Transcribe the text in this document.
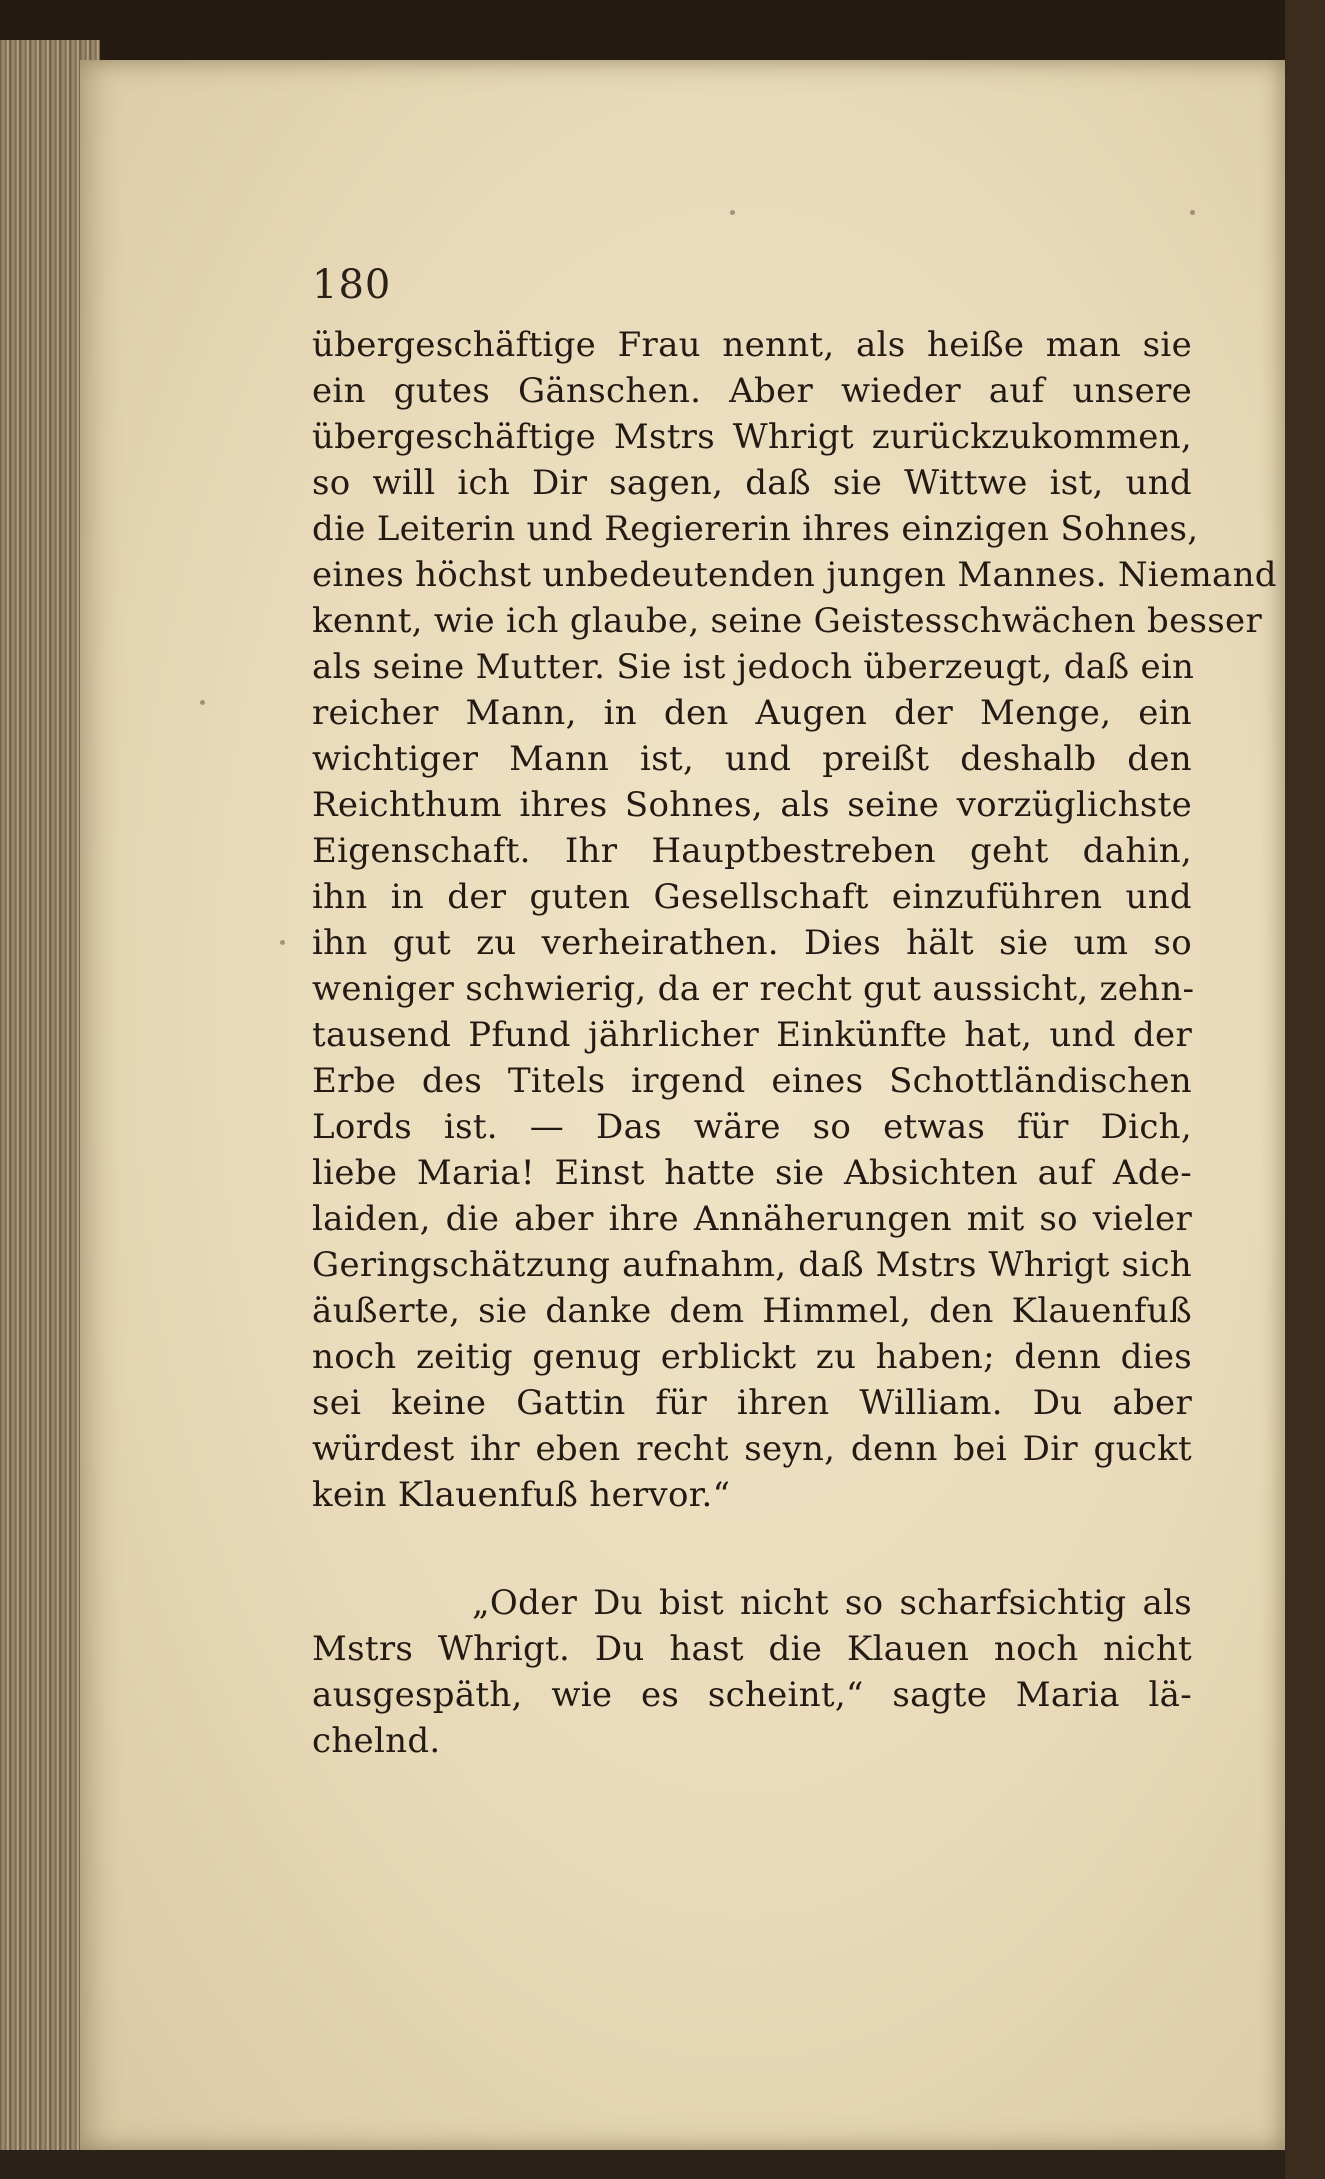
180
übergeschäftige Frau nennt, als heiße man sie
ein gutes Gänschen. Aber wieder auf unsere
übergeschäftige Mstrs Whrigt zurückzukommen,
so will ich Dir sagen, daß sie Wittwe ist, und
die Leiterin und Regiererin ihres einzigen Sohnes,
eines höchst unbedeutenden jungen Mannes. Niemand
kennt, wie ich glaube, seine Geistesschwächen besser
als seine Mutter. Sie ist jedoch überzeugt, daß ein
reicher Mann, in den Augen der Menge, ein
wichtiger Mann ist, und preißt deshalb den
Reichthum ihres Sohnes, als seine vorzüglichste
Eigenschaft. Ihr Hauptbestreben geht dahin,
ihn in der guten Gesellschaft einzuführen und
ihn gut zu verheirathen. Dies hält sie um so
weniger schwierig, da er recht gut aussicht, zehn-
tausend Pfund jährlicher Einkünfte hat, und der
Erbe des Titels irgend eines Schottländischen
Lords ist. — Das wäre so etwas für Dich,
liebe Maria! Einst hatte sie Absichten auf Ade-
laiden, die aber ihre Annäherungen mit so vieler
Geringschätzung aufnahm, daß Mstrs Whrigt sich
äußerte, sie danke dem Himmel, den Klauenfuß
noch zeitig genug erblickt zu haben; denn dies
sei keine Gattin für ihren William. Du aber
würdest ihr eben recht seyn, denn bei Dir guckt
kein Klauenfuß hervor.“
„Oder Du bist nicht so scharfsichtig als
Mstrs Whrigt. Du hast die Klauen noch nicht
ausgespäth, wie es scheint,“ sagte Maria lä-
chelnd.
